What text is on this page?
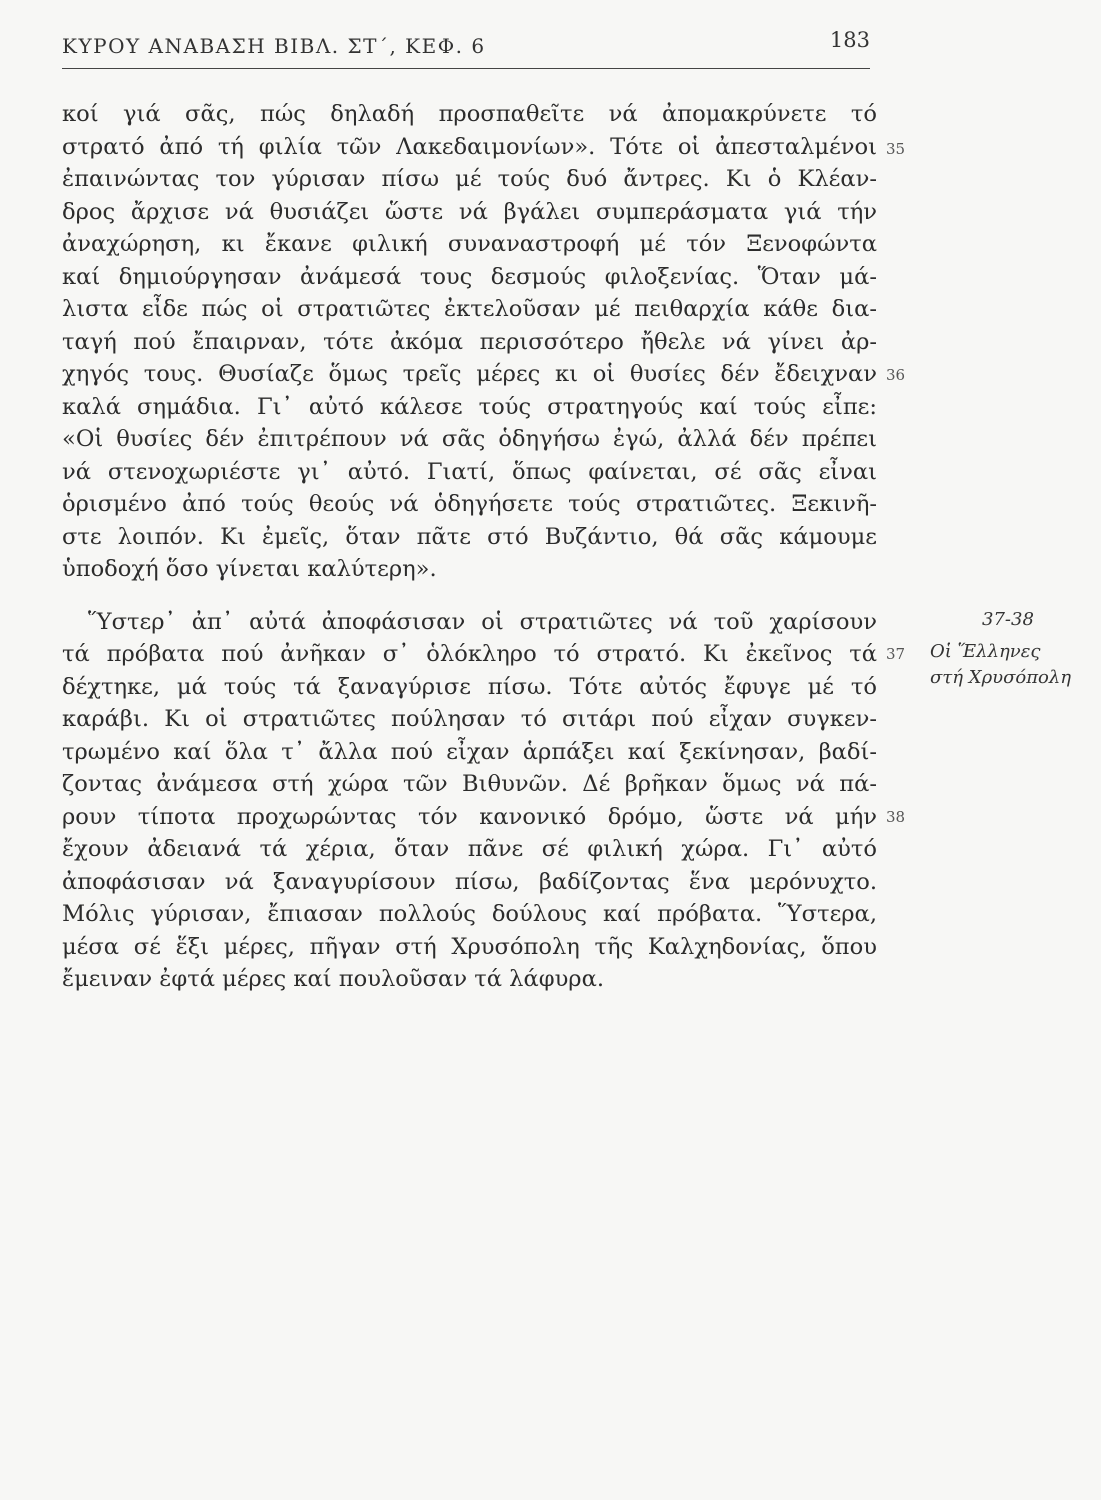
ΚΥΡΟΥ ΑΝΑΒΑΣΗ ΒΙΒΛ. ΣΤ΄, ΚΕΦ. 6	183
κοί γιά σᾶς, πώς δηλαδή προσπαθεῖτε νά ἀπομακρύνετε τό
στρατό ἀπό τή φιλία τῶν Λακεδαιμονίων». Τότε οἱ ἀπεσταλμένοι
ἐπαινώντας τον γύρισαν πίσω μέ τούς δυό ἄντρες. Κι ὁ Κλέαν-
δρος ἄρχισε νά θυσιάζει ὥστε νά βγάλει συμπεράσματα γιά τήν
ἀναχώρηση, κι ἔκανε φιλική συναναστροφή μέ τόν Ξενοφώντα
καί δημιούργησαν ἀνάμεσά τους δεσμούς φιλοξενίας. Ὅταν μά-
λιστα εἶδε πώς οἱ στρατιῶτες ἐκτελοῦσαν μέ πειθαρχία κάθε δια-
ταγή πού ἔπαιρναν, τότε ἀκόμα περισσότερο ἤθελε νά γίνει ἀρ-
χηγός τους. Θυσίαζε ὅμως τρεῖς μέρες κι οἱ θυσίες δέν ἔδειχναν
καλά σημάδια. Γι᾽ αὐτό κάλεσε τούς στρατηγούς καί τούς εἶπε:
«Οἱ θυσίες δέν ἐπιτρέπουν νά σᾶς ὁδηγήσω ἐγώ, ἀλλά δέν πρέπει
νά στενοχωριέστε γι᾽ αὐτό. Γιατί, ὅπως φαίνεται, σέ σᾶς εἶναι
ὁρισμένο ἀπό τούς θεούς νά ὁδηγήσετε τούς στρατιῶτες. Ξεκινῆ-
στε λοιπόν. Κι ἐμεῖς, ὅταν πᾶτε στό Βυζάντιο, θά σᾶς κάμουμε
ὑποδοχή ὅσο γίνεται καλύτερη».
Ὕστερ᾽ ἀπ᾽ αὐτά ἀποφάσισαν οἱ στρατιῶτες νά τοῦ χαρίσουν
τά πρόβατα πού ἀνῆκαν σ᾽ ὁλόκληρο τό στρατό. Κι ἐκεῖνος τά
δέχτηκε, μά τούς τά ξαναγύρισε πίσω. Τότε αὐτός ἔφυγε μέ τό
καράβι. Κι οἱ στρατιῶτες πούλησαν τό σιτάρι πού εἶχαν συγκεν-
τρωμένο καί ὅλα τ᾽ ἄλλα πού εἶχαν ἁρπάξει καί ξεκίνησαν, βαδί-
ζοντας ἀνάμεσα στή χώρα τῶν Βιθυνῶν. Δέ βρῆκαν ὅμως νά πά-
ρουν τίποτα προχωρώντας τόν κανονικό δρόμο, ὥστε νά μήν
ἔχουν ἀδειανά τά χέρια, ὅταν πᾶνε σέ φιλική χώρα. Γι᾽ αὐτό
ἀποφάσισαν νά ξαναγυρίσουν πίσω, βαδίζοντας ἕνα μερόνυχτο.
Μόλις γύρισαν, ἔπιασαν πολλούς δούλους καί πρόβατα. Ὕστερα,
μέσα σέ ἕξι μέρες, πῆγαν στή Χρυσόπολη τῆς Καλχηδονίας, ὅπου
ἔμειναν ἐφτά μέρες καί πουλοῦσαν τά λάφυρα.
35
36
37
38
37-38
Οἱ Ἕλληνες
στή Χρυσόπολη
